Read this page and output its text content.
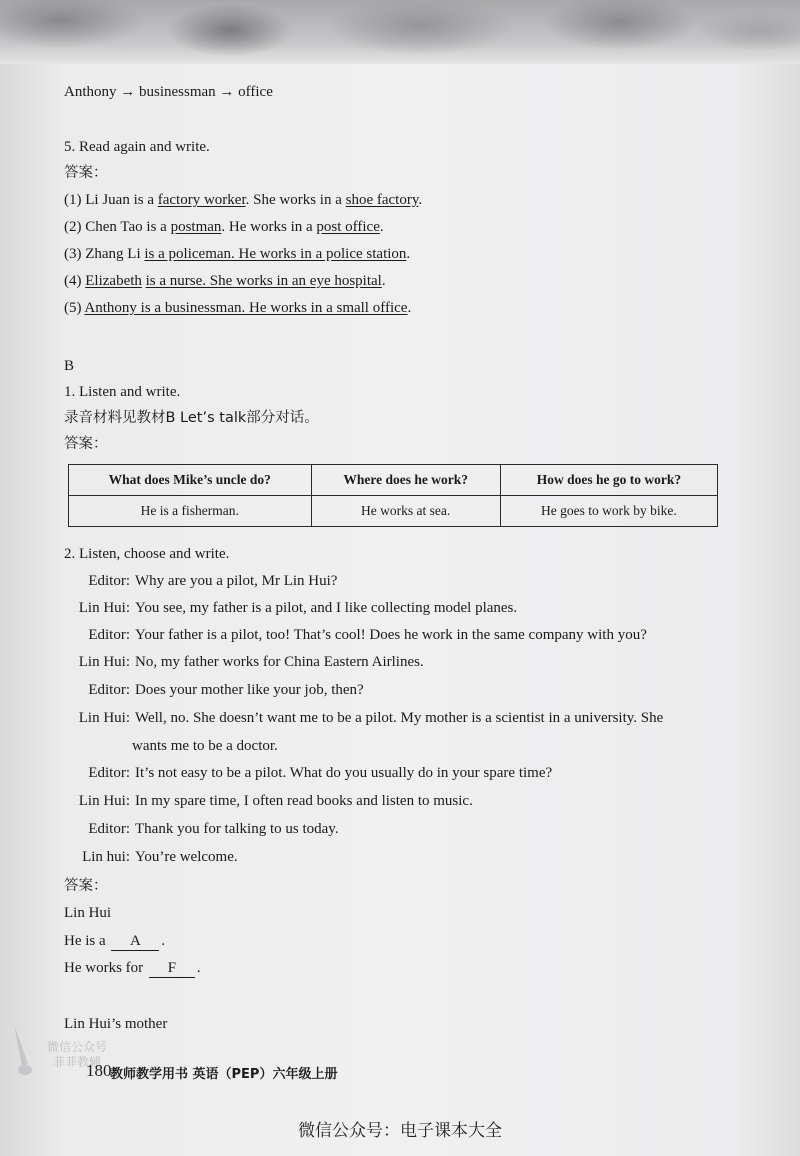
Anthony → businessman → office
5. Read again and write.
答案：
(1) Li Juan is a factory worker. She works in a shoe factory.
(2) Chen Tao is a postman. He works in a post office.
(3) Zhang Li is a policeman. He works in a police station.
(4) Elizabeth is a nurse. She works in an eye hospital.
(5) Anthony is a businessman. He works in a small office.
B
1. Listen and write.
录音材料见教材B Let’s talk部分对话。
答案：
What does Mike’s uncle do?	Where does he work?	How does he go to work?
He is a fisherman.	He works at sea.	He goes to work by bike.
2. Listen, choose and write.
Editor: Why are you a pilot, Mr Lin Hui?
Lin Hui: You see, my father is a pilot, and I like collecting model planes.
Editor: Your father is a pilot, too! That’s cool! Does he work in the same company with you?
Lin Hui: No, my father works for China Eastern Airlines.
Editor: Does your mother like your job, then?
Lin Hui: Well, no. She doesn’t want me to be a pilot. My mother is a scientist in a university. She
wants me to be a doctor.
Editor: It’s not easy to be a pilot. What do you usually do in your spare time?
Lin Hui: In my spare time, I often read books and listen to music.
Editor: Thank you for talking to us today.
Lin hui: You’re welcome.
答案：
Lin Hui
He is a A .
He works for F .
Lin Hui’s mother
微信公众号
菲菲教辅
180
教师教学用书 英语（PEP）六年级上册
微信公众号：电子课本大全
